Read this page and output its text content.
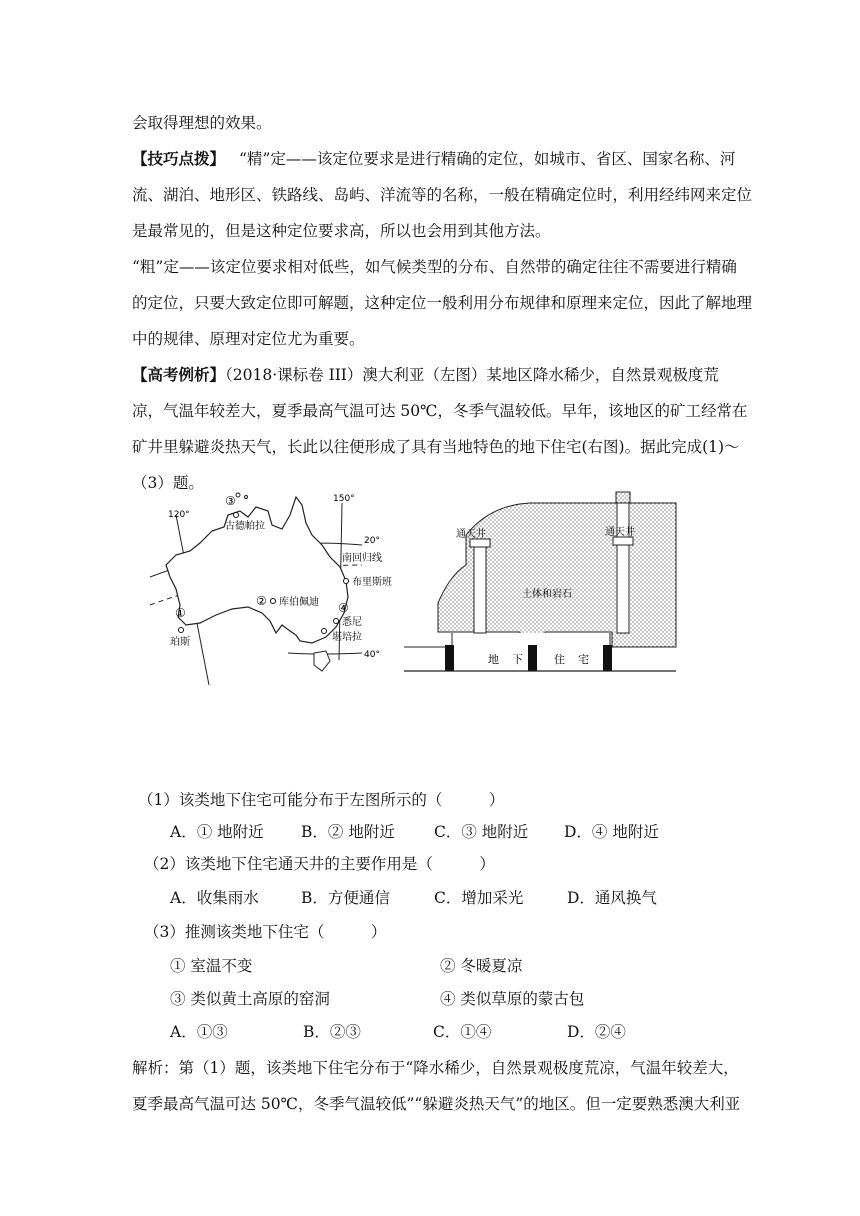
会取得理想的效果。
【技巧点拨】 “精”定——该定位要求是进行精确的定位，如城市、省区、国家名称、河
流、湖泊、地形区、铁路线、岛屿、洋流等的名称，一般在精确定位时，利用经纬网来定位
是最常见的，但是这种定位要求高，所以也会用到其他方法。
“粗”定——该定位要求相对低些，如气候类型的分布、自然带的确定往往不需要进行精确
的定位，只要大致定位即可解题，这种定位一般利用分布规律和原理来定位，因此了解地理
中的规律、原理对定位尤为重要。
【高考例析】（2018·课标卷 III）澳大利亚（左图）某地区降水稀少，自然景观极度荒
凉，气温年较差大，夏季最高气温可达 50℃，冬季气温较低。早年，该地区的矿工经常在
矿井里躲避炎热天气，长此以往便形成了具有当地特色的地下住宅(右图)。据此完成(1)～
（3）题。
120°
150°
20°
40°
南回归线
古德帕拉
布里斯班
库伯佩迪
珀斯
悉尼
堪培拉
①
②
③
④
通天井	通天井
土体和岩石
地 下	住 宅
（1）该类地下住宅可能分布于左图所示的（　　　）
A．① 地附近 B．② 地附近	C．③ 地附近 D．④ 地附近
（2）该类地下住宅通天井的主要作用是（　　　）
A．收集雨水	B．方便通信	C．增加采光	D．通风换气
（3）推测该类地下住宅（　　　）
① 室温不变	② 冬暖夏凉
③ 类似黄土高原的窑洞	④ 类似草原的蒙古包
A．①③	B．②③	C．①④	D．②④
解析：第（1）题，该类地下住宅分布于“降水稀少，自然景观极度荒凉，气温年较差大，
夏季最高气温可达 50℃，冬季气温较低”“躲避炎热天气”的地区。但一定要熟悉澳大利亚
